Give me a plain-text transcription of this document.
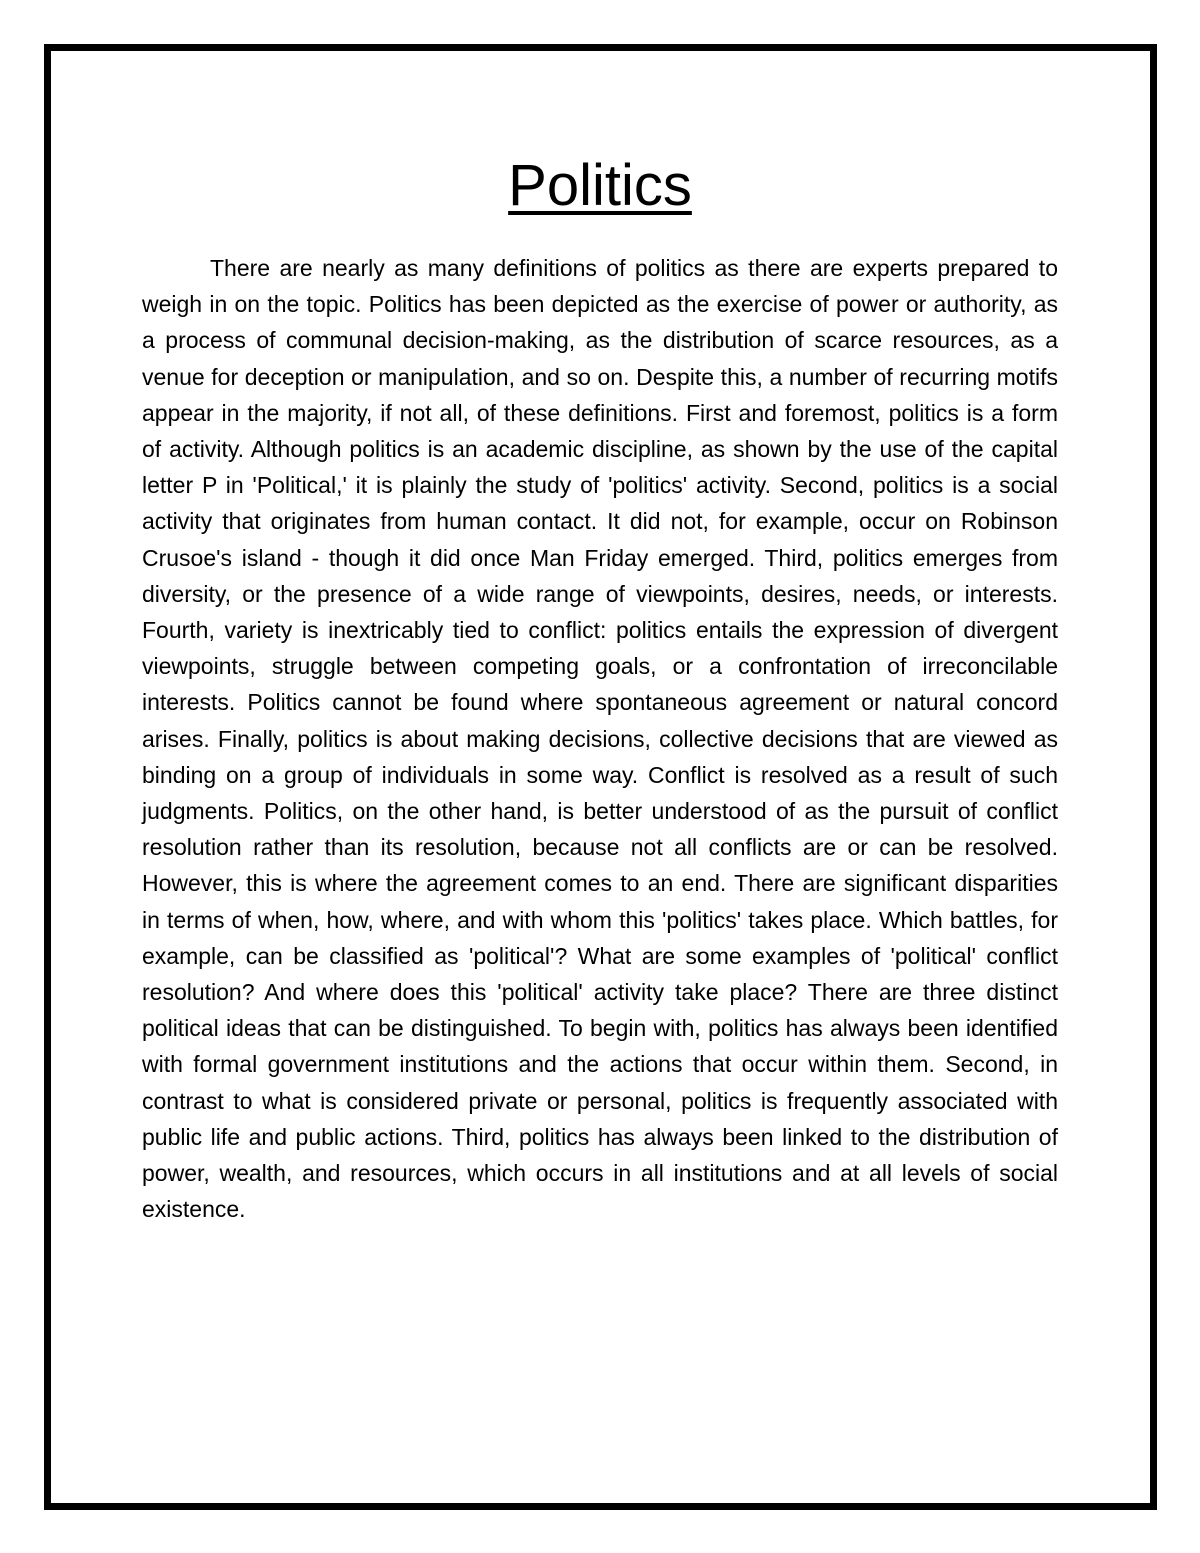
Politics

There are nearly as many definitions of politics as there are experts prepared to weigh in on the topic. Politics has been depicted as the exercise of power or authority, as a process of communal decision-making, as the distribution of scarce resources, as a venue for deception or manipulation, and so on. Despite this, a number of recurring motifs appear in the majority, if not all, of these definitions. First and foremost, politics is a form of activity. Although politics is an academic discipline, as shown by the use of the capital letter P in 'Political,' it is plainly the study of 'politics' activity. Second, politics is a social activity that originates from human contact. It did not, for example, occur on Robinson Crusoe's island - though it did once Man Friday emerged. Third, politics emerges from diversity, or the presence of a wide range of viewpoints, desires, needs, or interests. Fourth, variety is inextricably tied to conflict: politics entails the expression of divergent viewpoints, struggle between competing goals, or a confrontation of irreconcilable interests. Politics cannot be found where spontaneous agreement or natural concord arises. Finally, politics is about making decisions, collective decisions that are viewed as binding on a group of individuals in some way. Conflict is resolved as a result of such judgments. Politics, on the other hand, is better understood of as the pursuit of conflict resolution rather than its resolution, because not all conflicts are or can be resolved. However, this is where the agreement comes to an end. There are significant disparities in terms of when, how, where, and with whom this 'politics' takes place. Which battles, for example, can be classified as 'political'? What are some examples of 'political' conflict resolution? And where does this 'political' activity take place? There are three distinct political ideas that can be distinguished. To begin with, politics has always been identified with formal government institutions and the actions that occur within them. Second, in contrast to what is considered private or personal, politics is frequently associated with public life and public actions. Third, politics has always been linked to the distribution of power, wealth, and resources, which occurs in all institutions and at all levels of social existence.
